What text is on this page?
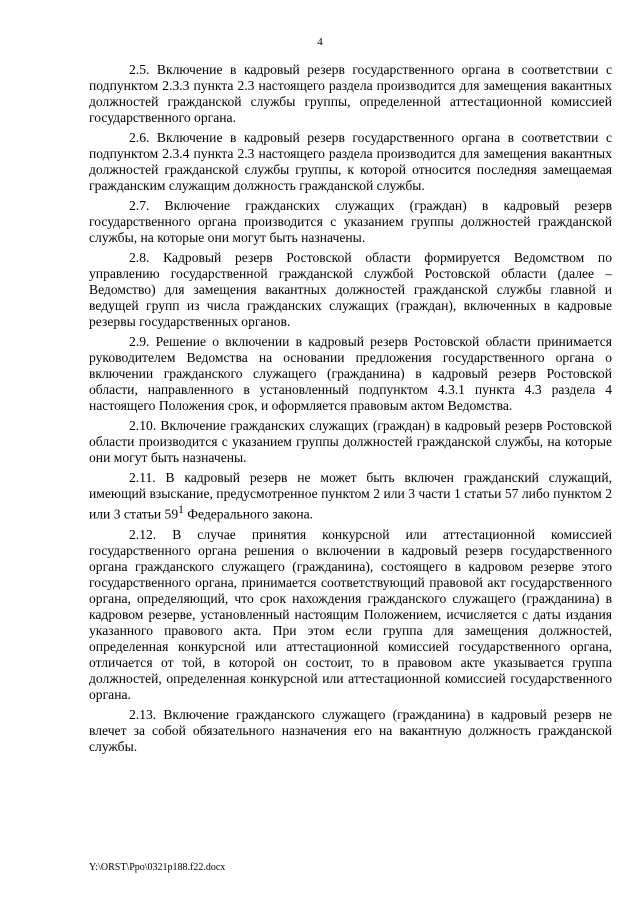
4

2.5. Включение в кадровый резерв государственного органа в соответствии с подпунктом 2.3.3 пункта 2.3 настоящего раздела производится для замещения вакантных должностей гражданской службы группы, определенной аттестационной комиссией государственного органа.

2.6. Включение в кадровый резерв государственного органа в соответствии с подпунктом 2.3.4 пункта 2.3 настоящего раздела производится для замещения вакантных должностей гражданской службы группы, к которой относится последняя замещаемая гражданским служащим должность гражданской службы.

2.7. Включение гражданских служащих (граждан) в кадровый резерв государственного органа производится с указанием группы должностей гражданской службы, на которые они могут быть назначены.

2.8. Кадровый резерв Ростовской области формируется Ведомством по управлению государственной гражданской службой Ростовской области (далее – Ведомство) для замещения вакантных должностей гражданской службы главной и ведущей групп из числа гражданских служащих (граждан), включенных в кадровые резервы государственных органов.

2.9. Решение о включении в кадровый резерв Ростовской области принимается руководителем Ведомства на основании предложения государственного органа о включении гражданского служащего (гражданина) в кадровый резерв Ростовской области, направленного в установленный подпунктом 4.3.1 пункта 4.3 раздела 4 настоящего Положения срок, и оформляется правовым актом Ведомства.

2.10. Включение гражданских служащих (граждан) в кадровый резерв Ростовской области производится с указанием группы должностей гражданской службы, на которые они могут быть назначены.

2.11. В кадровый резерв не может быть включен гражданский служащий, имеющий взыскание, предусмотренное пунктом 2 или 3 части 1 статьи 57 либо пунктом 2 или 3 статьи $59^1$ Федерального закона.

2.12. В случае принятия конкурсной или аттестационной комиссией государственного органа решения о включении в кадровый резерв государственного органа гражданского служащего (гражданина), состоящего в кадровом резерве этого государственного органа, принимается соответствующий правовой акт государственного органа, определяющий, что срок нахождения гражданского служащего (гражданина) в кадровом резерве, установленный настоящим Положением, исчисляется с даты издания указанного правового акта. При этом если группа для замещения должностей, определенная конкурсной или аттестационной комиссией государственного органа, отличается от той, в которой он состоит, то в правовом акте указывается группа должностей, определенная конкурсной или аттестационной комиссией государственного органа.

2.13. Включение гражданского служащего (гражданина) в кадровый резерв не влечет за собой обязательного назначения его на вакантную должность гражданской службы.

Y:\ORST\Ppo\0321p188.f22.docx
